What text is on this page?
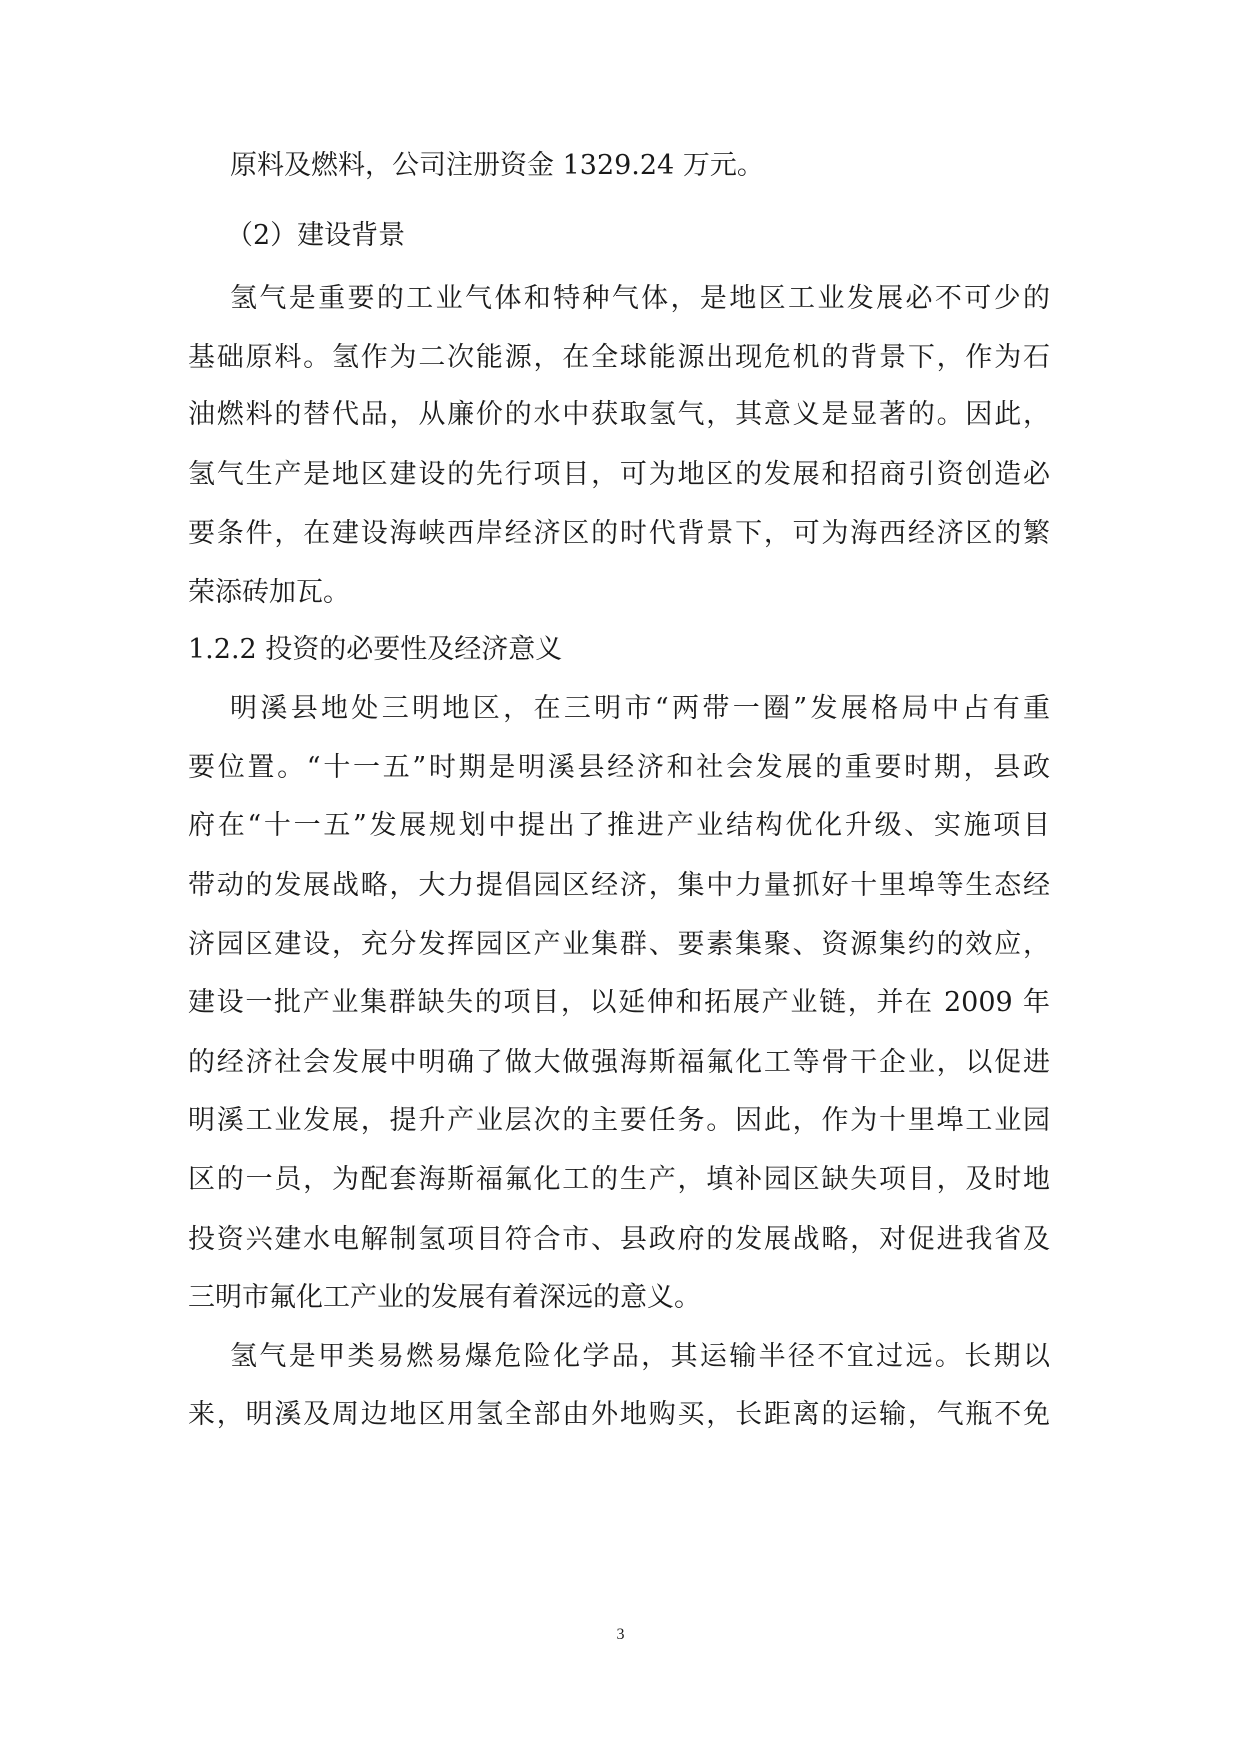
原料及燃料，公司注册资金 1329.24 万元。
（2）建设背景
氢气是重要的工业气体和特种气体，是地区工业发展必不可少的
基础原料。氢作为二次能源，在全球能源出现危机的背景下，作为石
油燃料的替代品，从廉价的水中获取氢气，其意义是显著的。因此，
氢气生产是地区建设的先行项目，可为地区的发展和招商引资创造必
要条件，在建设海峡西岸经济区的时代背景下，可为海西经济区的繁
荣添砖加瓦。
1.2.2 投资的必要性及经济意义
明溪县地处三明地区，在三明市“两带一圈”发展格局中占有重
要位置。“十一五”时期是明溪县经济和社会发展的重要时期，县政
府在“十一五”发展规划中提出了推进产业结构优化升级、实施项目
带动的发展战略，大力提倡园区经济，集中力量抓好十里埠等生态经
济园区建设，充分发挥园区产业集群、要素集聚、资源集约的效应，
建设一批产业集群缺失的项目，以延伸和拓展产业链，并在 2009 年
的经济社会发展中明确了做大做强海斯福氟化工等骨干企业，以促进
明溪工业发展，提升产业层次的主要任务。因此，作为十里埠工业园
区的一员，为配套海斯福氟化工的生产，填补园区缺失项目，及时地
投资兴建水电解制氢项目符合市、县政府的发展战略，对促进我省及
三明市氟化工产业的发展有着深远的意义。
氢气是甲类易燃易爆危险化学品，其运输半径不宜过远。长期以
来，明溪及周边地区用氢全部由外地购买，长距离的运输，气瓶不免
3
